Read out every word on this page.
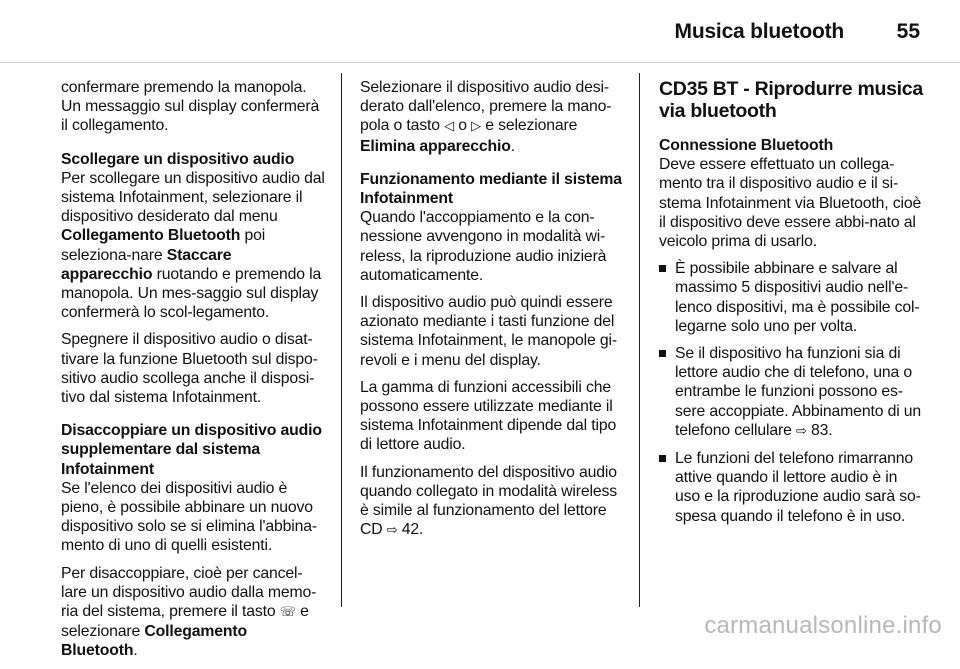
Musica bluetooth	55

confermare premendo la manopola. Un messaggio sul display confermerà il collegamento.

Scollegare un dispositivo audio

Per scollegare un dispositivo audio dal sistema Infotainment, selezionare il dispositivo desiderato dal menu Collegamento Bluetooth poi seleziona-nare Staccare apparecchio ruotando e premendo la manopola. Un mes-saggio sul display confermerà lo scol-legamento.

Spegnere il dispositivo audio o disat-tivare la funzione Bluetooth sul dispo-sitivo audio scollega anche il disposi-tivo dal sistema Infotainment.

Disaccoppiare un dispositivo audio supplementare dal sistema Infotainment

Se l'elenco dei dispositivi audio è pieno, è possibile abbinare un nuovo dispositivo solo se si elimina l'abbina-mento di uno di quelli esistenti.

Per disaccoppiare, cioè per cancel-lare un dispositivo audio dalla memo-ria del sistema, premere il tasto ☏ e selezionare Collegamento Bluetooth.

Selezionare il dispositivo audio desi-derato dall'elenco, premere la mano-pola o tasto ◁ o ▷ e selezionare Elimina apparecchio.

Funzionamento mediante il sistema Infotainment

Quando l'accoppiamento e la con-nessione avvengono in modalità wi-reless, la riproduzione audio inizierà automaticamente.

Il dispositivo audio può quindi essere azionato mediante i tasti funzione del sistema Infotainment, le manopole gi-revoli e i menu del display.

La gamma di funzioni accessibili che possono essere utilizzate mediante il sistema Infotainment dipende dal tipo di lettore audio.

Il funzionamento del dispositivo audio quando collegato in modalità wireless è simile al funzionamento del lettore CD ⇨ 42.

CD35 BT - Riprodurre musica via bluetooth

Connessione Bluetooth

Deve essere effettuato un collega-mento tra il dispositivo audio e il si-stema Infotainment via Bluetooth, cioè il dispositivo deve essere abbi-nato al veicolo prima di usarlo.

È possibile abbinare e salvare al massimo 5 dispositivi audio nell'e-lenco dispositivi, ma è possibile col-legarne solo uno per volta.
Se il dispositivo ha funzioni sia di lettore audio che di telefono, una o entrambe le funzioni possono es-sere accoppiate. Abbinamento di un telefono cellulare ⇨ 83.
Le funzioni del telefono rimarranno attive quando il lettore audio è in uso e la riproduzione audio sarà so-spesa quando il telefono è in uso.
carmanualsonline.info
